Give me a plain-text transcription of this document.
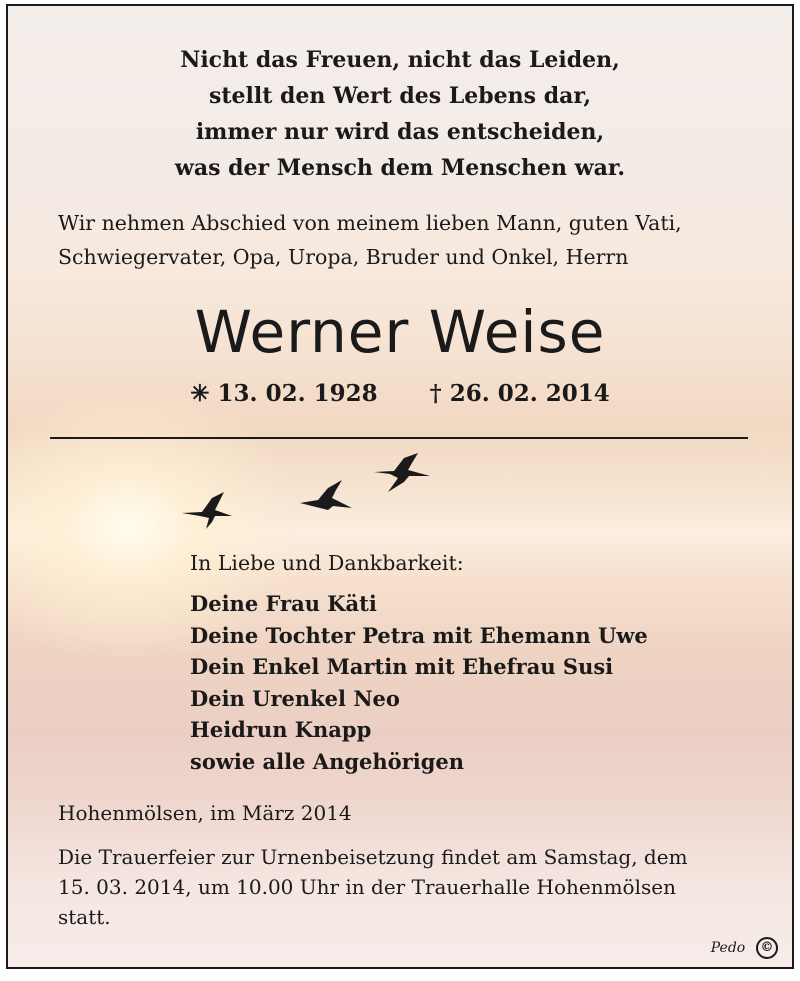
Nicht das Freuen, nicht das Leiden,
stellt den Wert des Lebens dar,
immer nur wird das entscheiden,
was der Mensch dem Menschen war.
Wir nehmen Abschied von meinem lieben Mann, guten Vati,
Schwiegervater, Opa, Uropa, Bruder und Onkel, Herrn
Werner Weise
✳ 13. 02. 1928 † 26. 02. 2014
In Liebe und Dankbarkeit:
Deine Frau Käti
Deine Tochter Petra mit Ehemann Uwe
Dein Enkel Martin mit Ehefrau Susi
Dein Urenkel Neo
Heidrun Knapp
sowie alle Angehörigen
Hohenmölsen, im März 2014
Die Trauerfeier zur Urnenbeisetzung findet am Samstag, dem
15. 03. 2014, um 10.00 Uhr in der Trauerhalle Hohenmölsen
statt.
Pedo ©
